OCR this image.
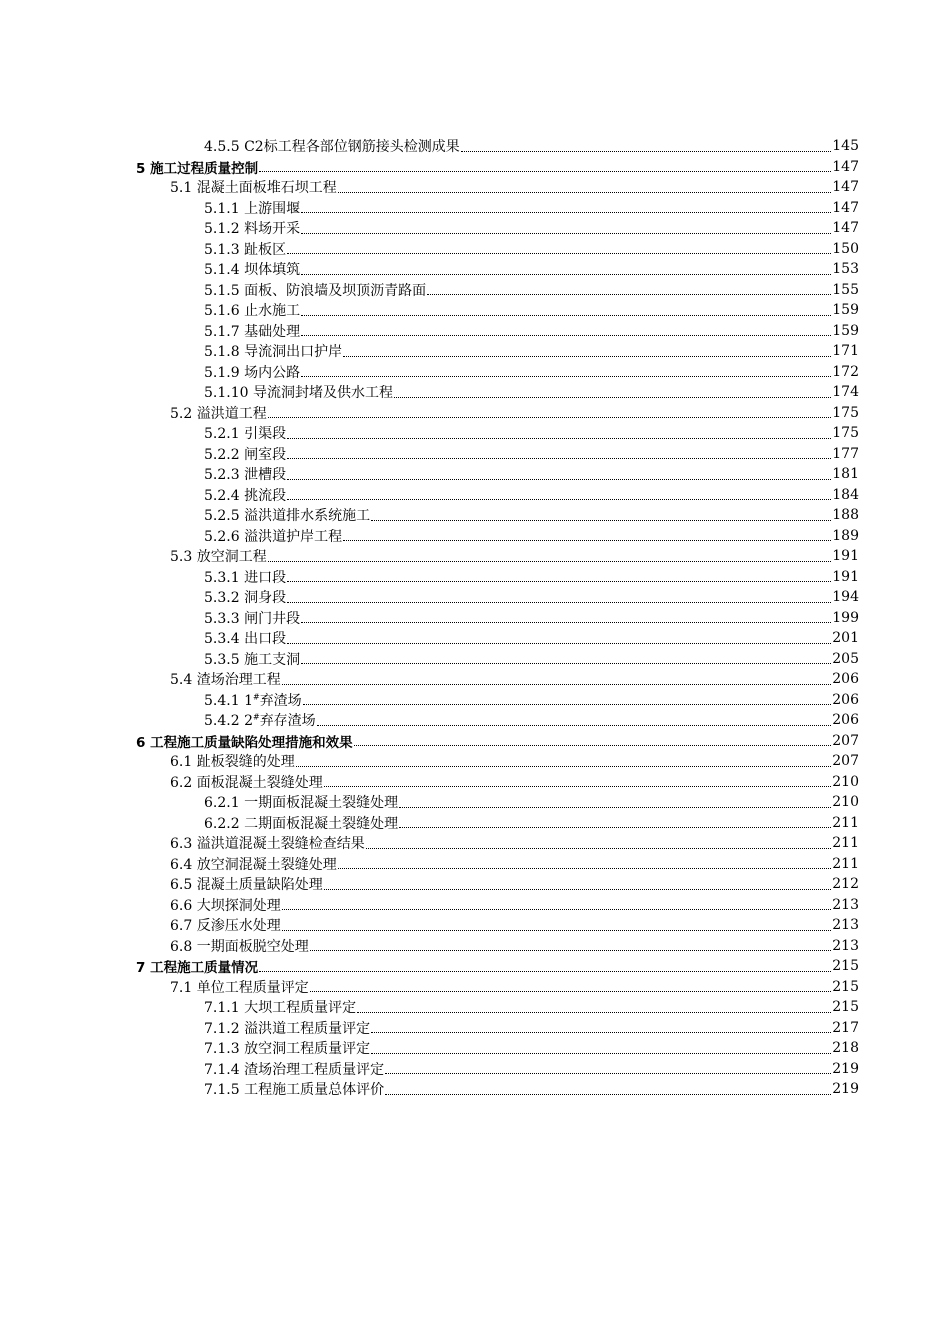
4.5.5 C2标工程各部位钢筋接头检测成果	145
5 施工过程质量控制	147
5.1 混凝土面板堆石坝工程	147
5.1.1 上游围堰	147
5.1.2 料场开采	147
5.1.3 趾板区	150
5.1.4 坝体填筑	153
5.1.5 面板、防浪墙及坝顶沥青路面	155
5.1.6 止水施工	159
5.1.7 基础处理	159
5.1.8 导流洞出口护岸	171
5.1.9 场内公路	172
5.1.10 导流洞封堵及供水工程	174
5.2 溢洪道工程	175
5.2.1 引渠段	175
5.2.2 闸室段	177
5.2.3 泄槽段	181
5.2.4 挑流段	184
5.2.5 溢洪道排水系统施工	188
5.2.6 溢洪道护岸工程	189
5.3 放空洞工程	191
5.3.1 进口段	191
5.3.2 洞身段	194
5.3.3 闸门井段	199
5.3.4 出口段	201
5.3.5 施工支洞	205
5.4 渣场治理工程	206
5.4.1 1#弃渣场	206
5.4.2 2#弃存渣场	206
6 工程施工质量缺陷处理措施和效果	207
6.1 趾板裂缝的处理	207
6.2 面板混凝土裂缝处理	210
6.2.1 一期面板混凝土裂缝处理	210
6.2.2 二期面板混凝土裂缝处理	211
6.3 溢洪道混凝土裂缝检查结果	211
6.4 放空洞混凝土裂缝处理	211
6.5 混凝土质量缺陷处理	212
6.6 大坝探洞处理	213
6.7 反渗压水处理	213
6.8 一期面板脱空处理	213
7 工程施工质量情况	215
7.1 单位工程质量评定	215
7.1.1 大坝工程质量评定	215
7.1.2 溢洪道工程质量评定	217
7.1.3 放空洞工程质量评定	218
7.1.4 渣场治理工程质量评定	219
7.1.5 工程施工质量总体评价	219
